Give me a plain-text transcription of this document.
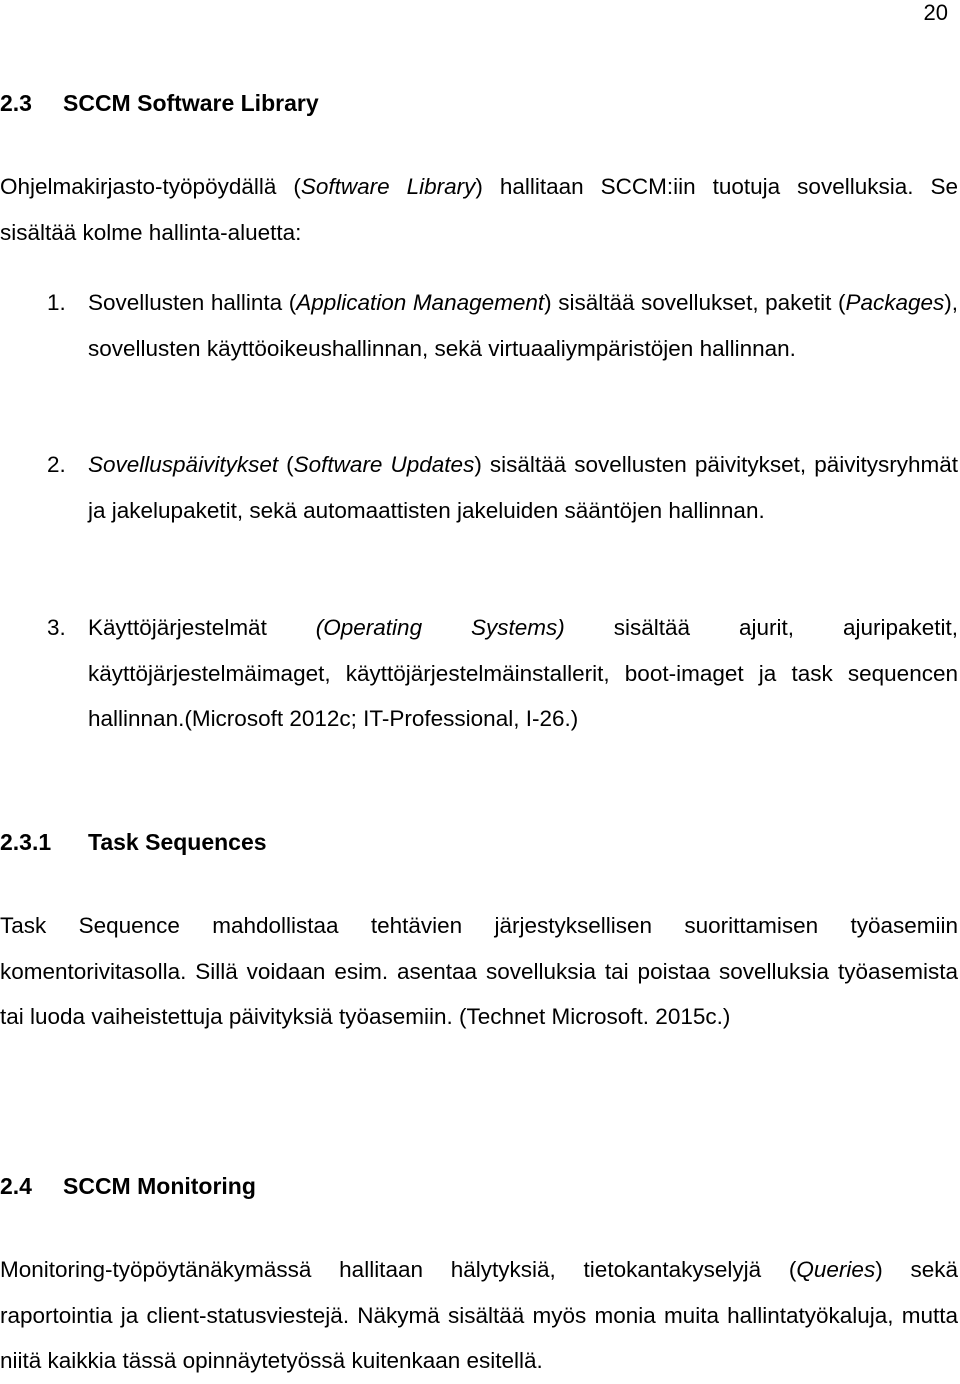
20
2.3 SCCM Software Library

Ohjelmakirjasto-työpöydällä (Software Library) hallitaan SCCM:iin tuotuja sovelluksia. Se sisältää kolme hallinta-aluetta:

1. Sovellusten hallinta (Application Management) sisältää sovellukset, paketit (Packages), sovellusten käyttöoikeushallinnan, sekä virtuaaliympäristöjen hallinnan.

2. Sovelluspäivitykset (Software Updates) sisältää sovellusten päivitykset, päivitysryhmät ja jakelupaketit, sekä automaattisten jakeluiden sääntöjen hallinnan.

3. Käyttöjärjestelmät (Operating Systems) sisältää ajurit, ajuripaketit, käyttöjärjestelmäimaget, käyttöjärjestelmäinstallerit, boot-imaget ja task sequencen hallinnan.(Microsoft 2012c; IT-Professional, I-26.)

2.3.1 Task Sequences

Task Sequence mahdollistaa tehtävien järjestyksellisen suorittamisen työasemiin komentorivitasolla. Sillä voidaan esim. asentaa sovelluksia tai poistaa sovelluksia työasemista tai luoda vaiheistettuja päivityksiä työasemiin. (Technet Microsoft. 2015c.)

2.4 SCCM Monitoring

Monitoring-työpöytänäkymässä hallitaan hälytyksiä, tietokantakyselyjä (Queries) sekä raportointia ja client-statusviestejä. Näkymä sisältää myös monia muita hallintatyökaluja, mutta niitä kaikkia tässä opinnäytetyössä kuitenkaan esitellä.
